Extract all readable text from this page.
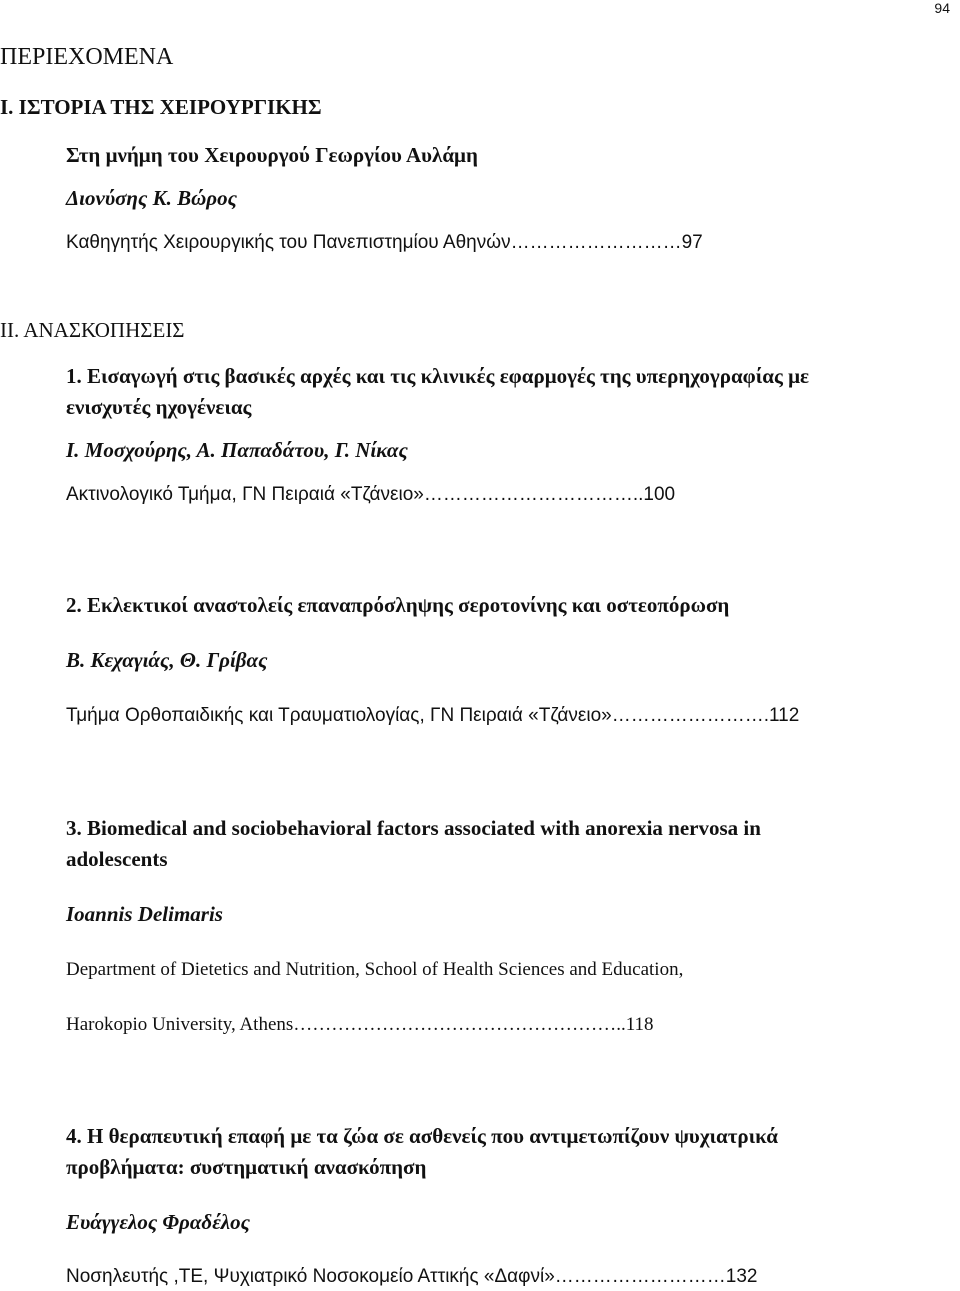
94
ΠΕΡΙΕΧΟΜΕΝΑ
Ι. ΙΣΤΟΡΙΑ ΤΗΣ ΧΕΙΡΟΥΡΓΙΚΗΣ
Στη μνήμη του Χειρουργού Γεωργίου Αυλάμη
Διονύσης Κ. Βώρος
Καθηγητής Χειρουργικής του Πανεπιστημίου Αθηνών………………………97
ΙΙ. ΑΝΑΣΚΟΠΗΣΕΙΣ
1. Εισαγωγή στις βασικές αρχές και τις κλινικές εφαρμογές της υπερηχογραφίας με
ενισχυτές ηχογένειας
Ι. Μοσχούρης, Α. Παπαδάτου, Γ. Νίκας
Ακτινολογικό Τμήμα, ΓΝ Πειραιά «Τζάνειο»……………………………..100
2. Εκλεκτικοί αναστολείς επαναπρόσληψης σεροτονίνης και οστεοπόρωση
Β. Κεχαγιάς, Θ. Γρίβας
Τμήμα Ορθοπαιδικής και Τραυματιολογίας, ΓΝ Πειραιά «Τζάνειο»…………………….112
3. Biomedical and sociobehavioral factors associated with anorexia nervosa in
adolescents
Ioannis Delimaris
Department of Dietetics and Nutrition, School of Health Sciences and Education,
Harokopio University, Athens……………………………………………..118
4. Η θεραπευτική επαφή με τα ζώα σε ασθενείς που αντιμετωπίζουν ψυχιατρικά
προβλήματα: συστηματική ανασκόπηση
Ευάγγελος Φραδέλος
Νοσηλευτής ,ΤΕ, Ψυχιατρικό Νοσοκομείο Αττικής «Δαφνί»………………………132
